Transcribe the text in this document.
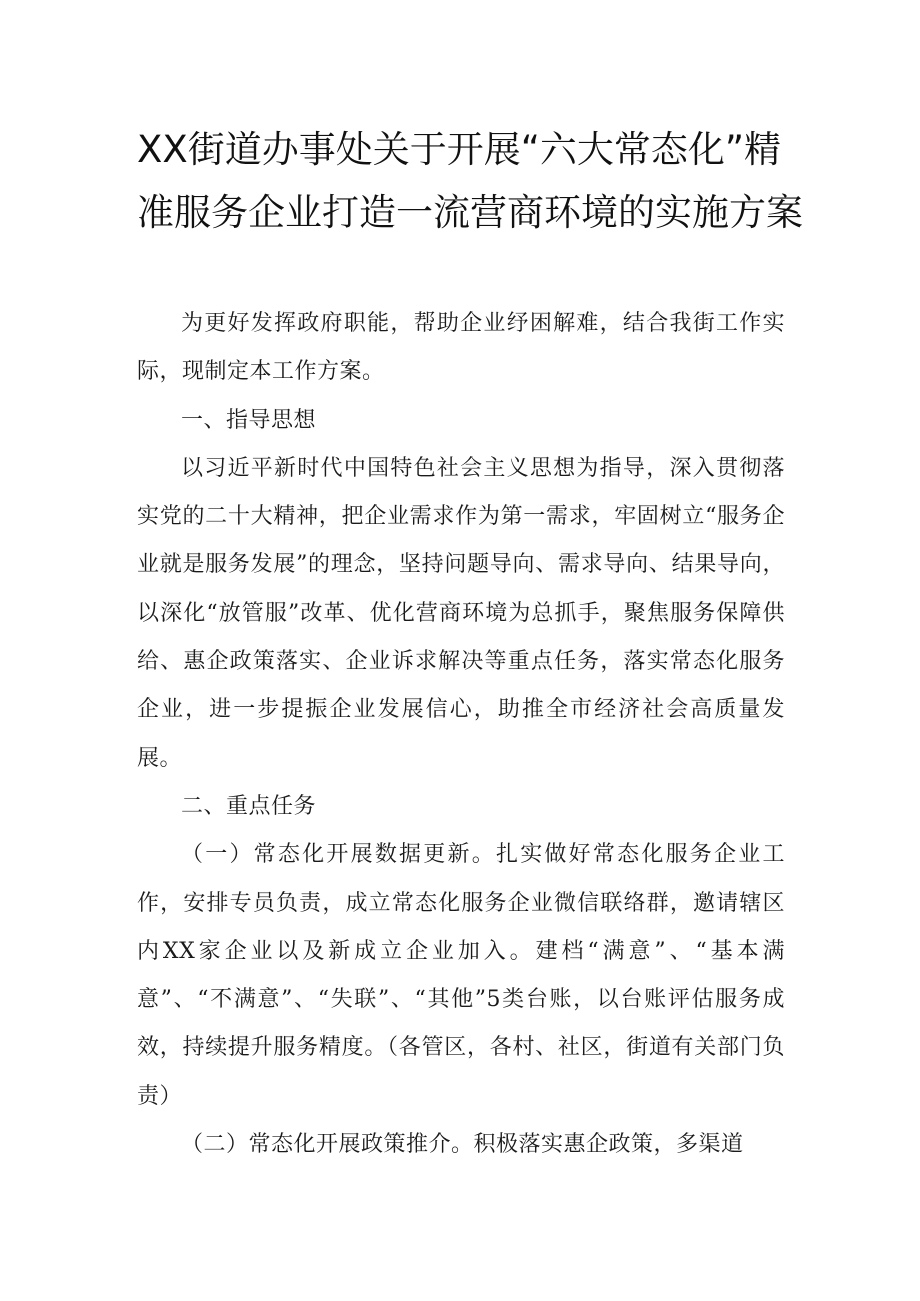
XX街道办事处关于开展“六大常态化”精
准服务企业打造一流营商环境的实施方案

为更好发挥政府职能，帮助企业纾困解难，结合我街工作实际，现制定本工作方案。

一、指导思想

以习近平新时代中国特色社会主义思想为指导，深入贯彻落实党的二十大精神，把企业需求作为第一需求，牢固树立“服务企业就是服务发展”的理念，坚持问题导向、需求导向、结果导向，以深化“放管服”改革、优化营商环境为总抓手，聚焦服务保障供给、惠企政策落实、企业诉求解决等重点任务，落实常态化服务企业，进一步提振企业发展信心，助推全市经济社会高质量发展。

二、重点任务

（一）常态化开展数据更新。扎实做好常态化服务企业工作，安排专员负责，成立常态化服务企业微信联络群，邀请辖区内XX家企业以及新成立企业加入。建档“满意”、“基本满意”、“不满意”、“失联”、“其他”5类台账，以台账评估服务成效，持续提升服务精度。（各管区，各村、社区，街道有关部门负责）

（二）常态化开展政策推介。积极落实惠企政策，多渠道
